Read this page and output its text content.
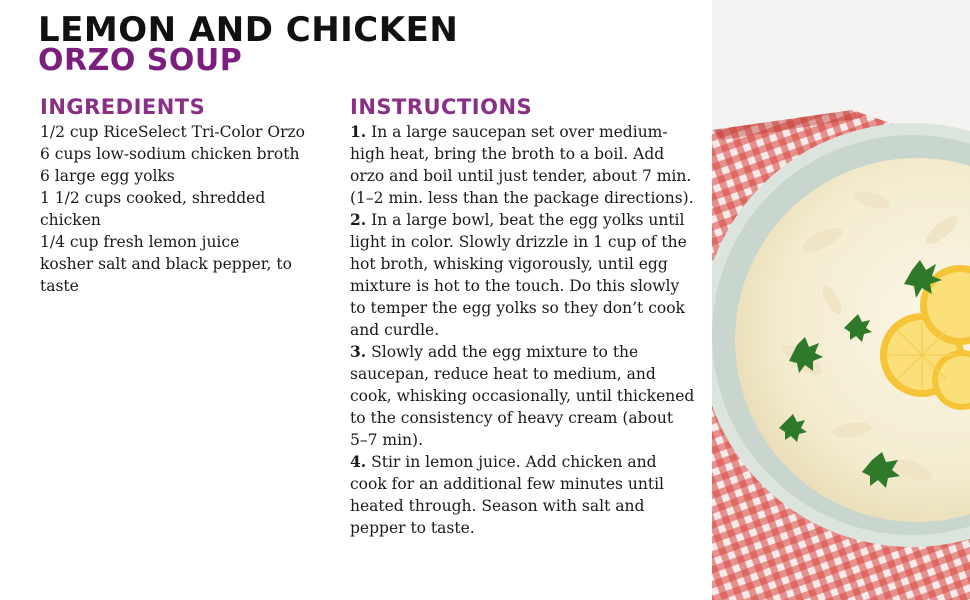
LEMON AND CHICKEN
ORZO SOUP
INGREDIENTS

1/2 cup RiceSelect Tri-Color Orzo

6 cups low-sodium chicken broth

6 large egg yolks

1 1/2 cups cooked, shredded chicken

1/4 cup fresh lemon juice

kosher salt and black pepper, to taste

INSTRUCTIONS

1. In a large saucepan set over medium-high heat, bring the broth to a boil. Add orzo and boil until just tender, about 7 min. (1–2 min. less than the package directions).

2. In a large bowl, beat the egg yolks until light in color. Slowly drizzle in 1 cup of the hot broth, whisking vigorously, until egg mixture is hot to the touch. Do this slowly to temper the egg yolks so they don’t cook and curdle.

3. Slowly add the egg mixture to the saucepan, reduce heat to medium, and cook, whisking occasionally, until thickened to the consistency of heavy cream (about 5–7 min).

4. Stir in lemon juice. Add chicken and cook for an additional few minutes until heated through. Season with salt and pepper to taste.
